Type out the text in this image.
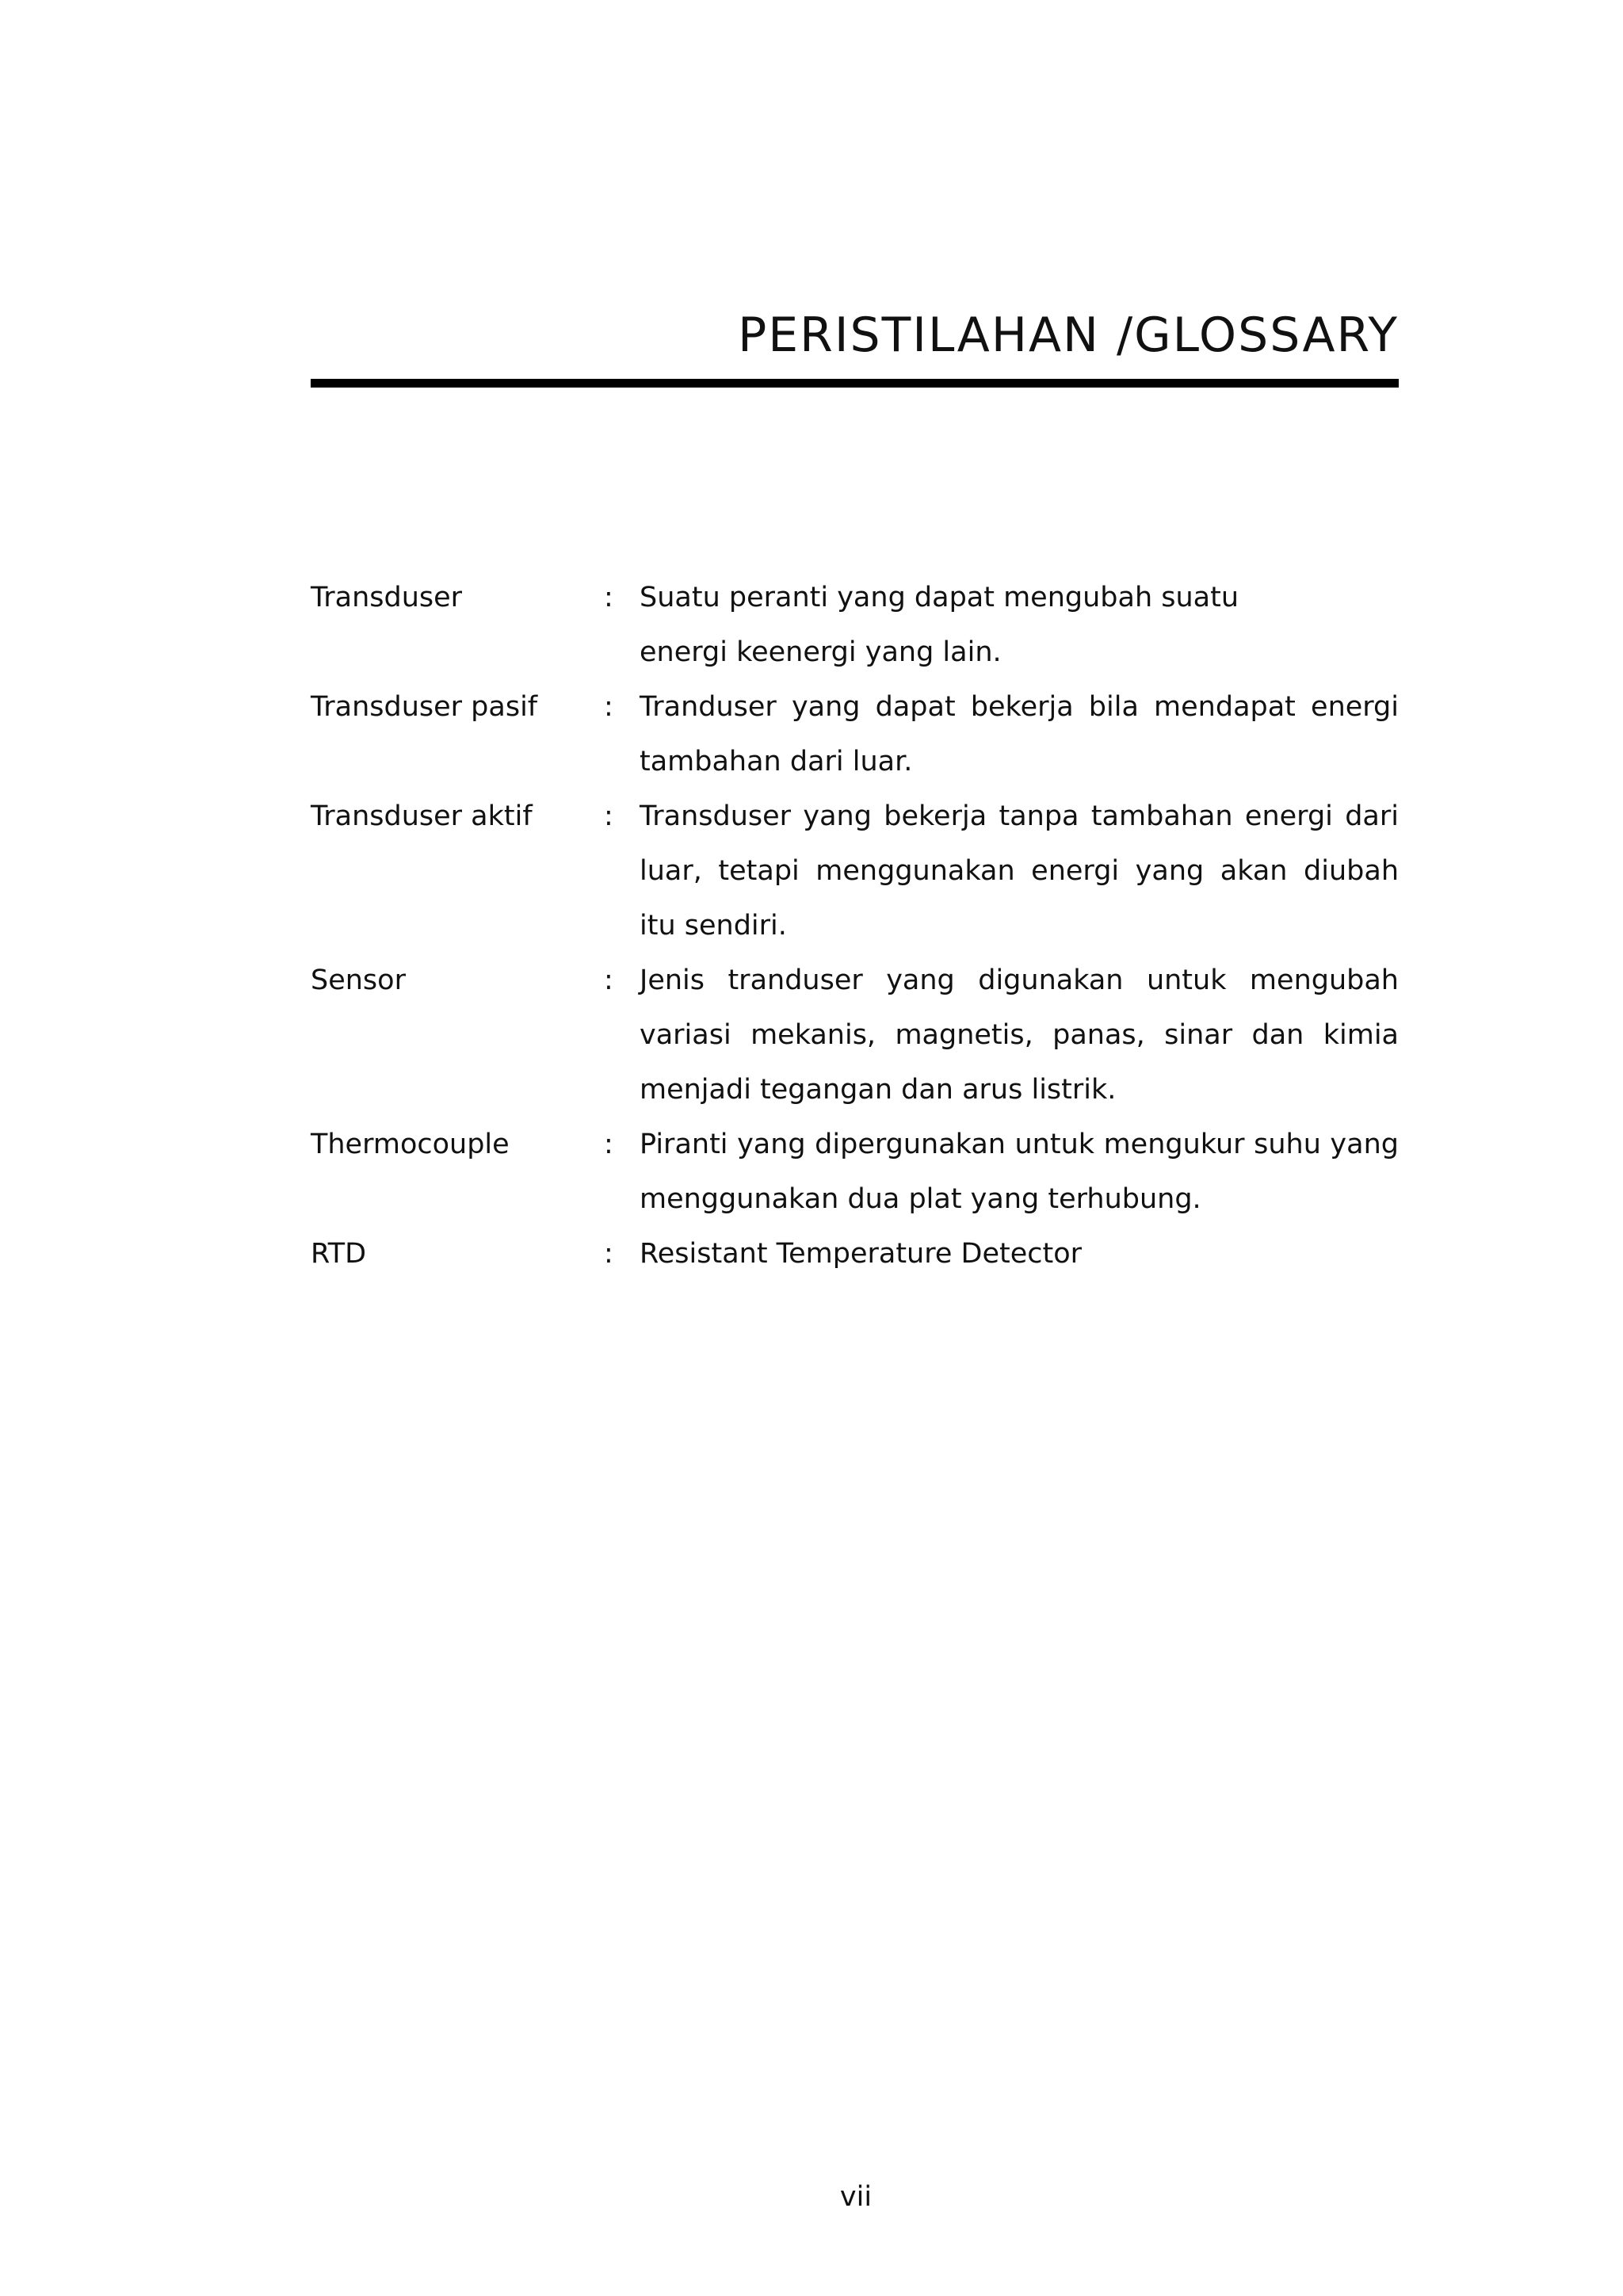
PERISTILAHAN /GLOSSARY
Transduser	: Suatu peranti yang dapat mengubah suatu energi keenergi yang lain.
Transduser pasif	: Tranduser yang dapat bekerja bila mendapat energi tambahan dari luar.
Transduser aktif	: Transduser yang bekerja tanpa tambahan energi dari luar, tetapi menggunakan energi yang akan diubah itu sendiri.
Sensor	: Jenis tranduser yang digunakan untuk mengubah variasi mekanis, magnetis, panas, sinar dan kimia menjadi tegangan dan arus listrik.
Thermocouple	: Piranti yang dipergunakan untuk mengukur suhu yang menggunakan dua plat yang terhubung.
RTD	: Resistant Temperature Detector
vii
